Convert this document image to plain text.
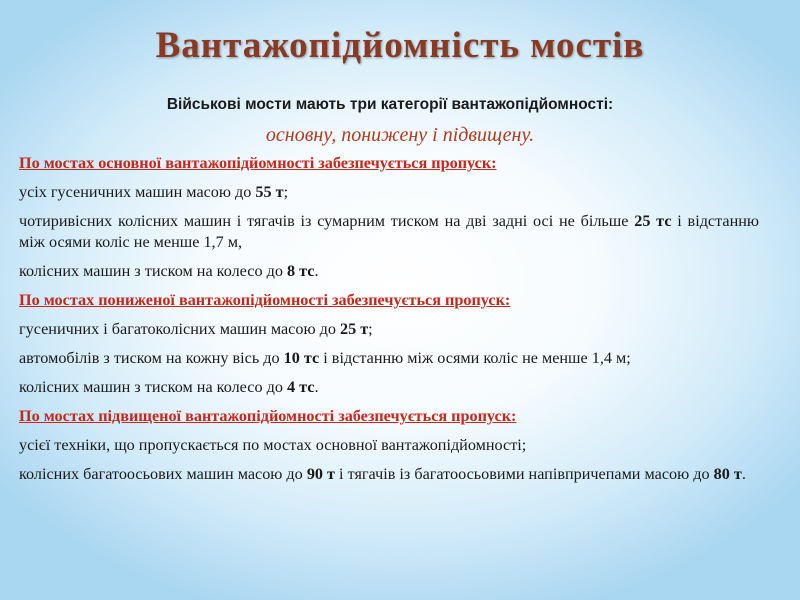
Вантажопідйомність мостів
Військові мости мають три категорії вантажопідйомності:
основну, понижену і підвищену.
По мостах основної вантажопідйомності забезпечується пропуск:
усіх гусеничних машин масою до 55 т;
чотиривісних колісних машин і тягачів із сумарним тиском на дві задні осі не більше 25 тс і відстанню між осями коліс не менше 1,7 м,
колісних машин з тиском на колесо до 8 тс.
По мостах пониженої вантажопідйомності забезпечується пропуск:
гусеничних і багатоколісних машин масою до 25 т;
автомобілів з тиском на кожну вісь до 10 тс і відстанню між осями коліс не менше 1,4 м;
колісних машин з тиском на колесо до 4 тс.
По мостах підвищеної вантажопідйомності забезпечується пропуск:
усієї техніки, що пропускається по мостах основної вантажопідйомності;
колісних багатоосьових машин масою до 90 т і тягачів із багатоосьовими напівпричепами масою до 80 т.
